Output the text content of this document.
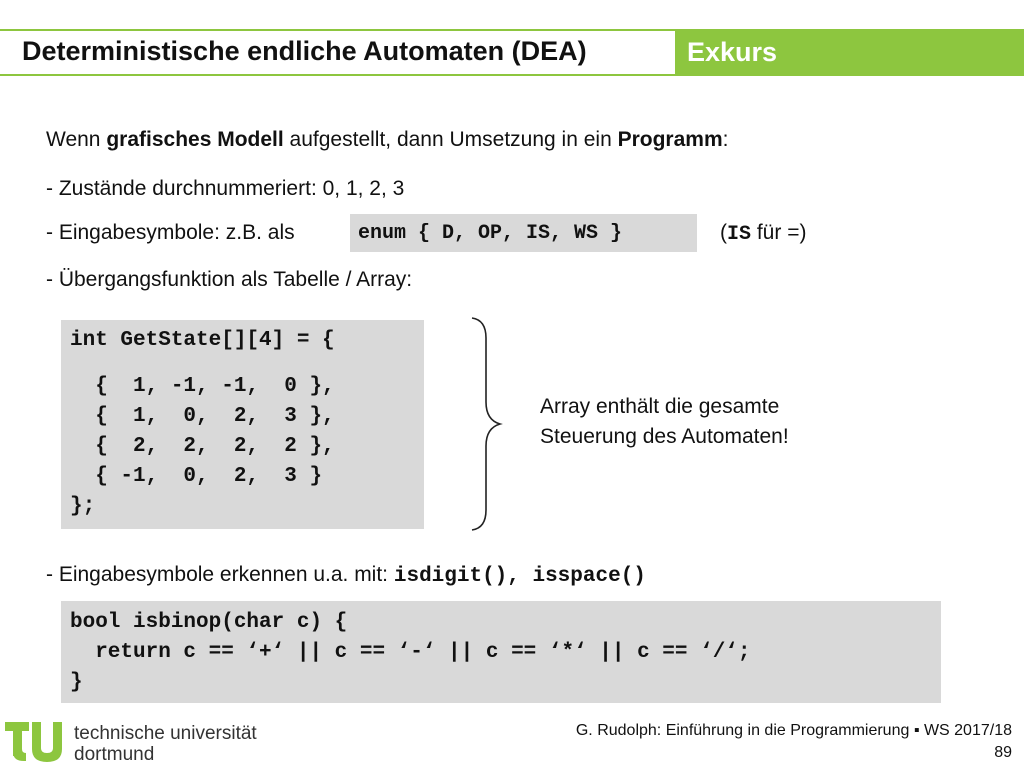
Deterministische endliche Automaten (DEA)	Exkurs
Wenn grafisches Modell aufgestellt, dann Umsetzung in ein Programm:
- Zustände durchnummeriert: 0, 1, 2, 3
- Eingabesymbole: z.B. als	enum { D, OP, IS, WS }	(IS für =)
- Übergangsfunktion als Tabelle / Array:
int GetState[][4] = {
{  1, -1, -1,  0 },
{  1,  0,  2,  3 },
{  2,  2,  2,  2 },
{ -1,  0,  2,  3 }
};
Array enthält die gesamte
Steuerung des Automaten!
- Eingabesymbole erkennen u.a. mit: isdigit(), isspace()
bool isbinop(char c) {
return c == ‘+‘ || c == ‘-‘ || c == ‘*‘ || c == ‘/‘;
}
technische universität
dortmund
G. Rudolph: Einführung in die Programmierung ▪ WS 2017/18
89
